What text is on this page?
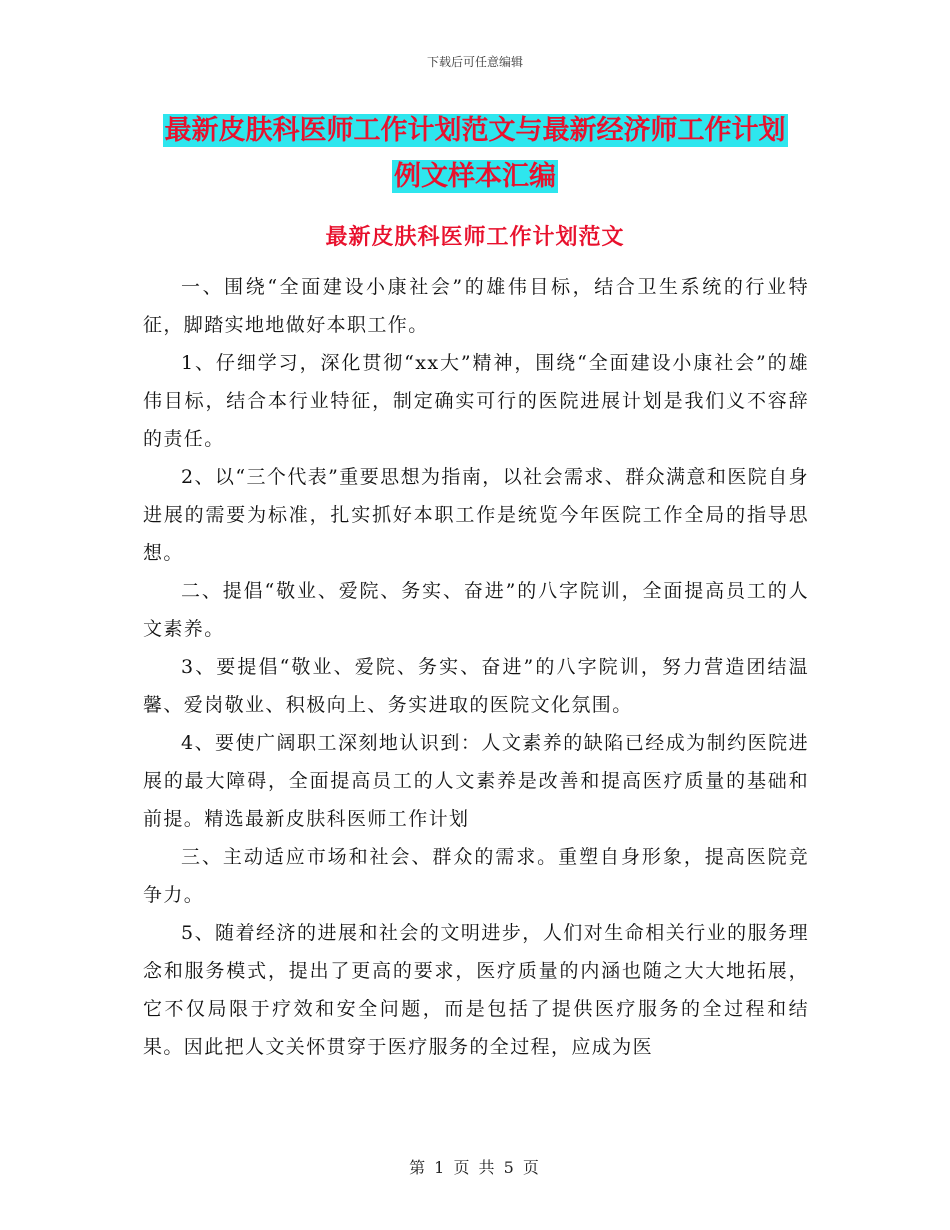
下载后可任意编辑
最新皮肤科医师工作计划范文与最新经济师工作计划
例文样本汇编
最新皮肤科医师工作计划范文

一、围绕“全面建设小康社会”的雄伟目标，结合卫生系统的行业特征，脚踏实地地做好本职工作。

1、仔细学习，深化贯彻“xx大”精神，围绕“全面建设小康社会”的雄伟目标，结合本行业特征，制定确实可行的医院进展计划是我们义不容辞的责任。

2、以“三个代表”重要思想为指南，以社会需求、群众满意和医院自身进展的需要为标准，扎实抓好本职工作是统览今年医院工作全局的指导思想。

二、提倡“敬业、爱院、务实、奋进”的八字院训，全面提高员工的人文素养。

3、要提倡“敬业、爱院、务实、奋进”的八字院训，努力营造团结温馨、爱岗敬业、积极向上、务实进取的医院文化氛围。

4、要使广阔职工深刻地认识到：人文素养的缺陷已经成为制约医院进展的最大障碍，全面提高员工的人文素养是改善和提高医疗质量的基础和前提。精选最新皮肤科医师工作计划

三、主动适应市场和社会、群众的需求。重塑自身形象，提高医院竞争力。

5、随着经济的进展和社会的文明进步，人们对生命相关行业的服务理念和服务模式，提出了更高的要求，医疗质量的内涵也随之大大地拓展，它不仅局限于疗效和安全问题，而是包括了提供医疗服务的全过程和结果。因此把人文关怀贯穿于医疗服务的全过程，应成为医

第 1 页 共 5 页
